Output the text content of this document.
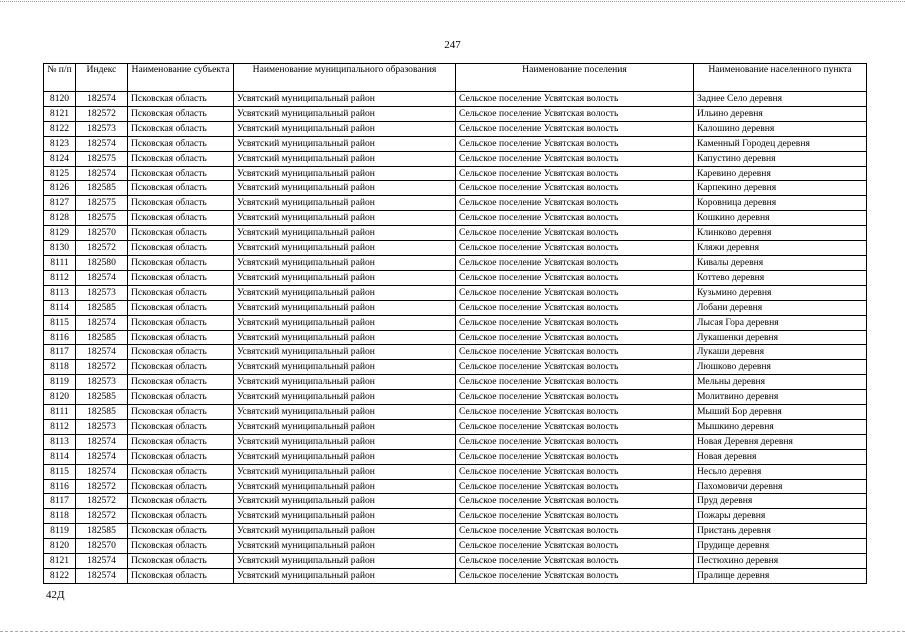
247
№ п/п	Индекс	Наименование субъекта	Наименование муниципального образования	Наименование поселения	Наименование населенного пункта
8120	182574	Псковская область	Усвятский муниципальный район	Сельское поселение Усвятская волость	Заднее Село деревня
8121	182572	Псковская область	Усвятский муниципальный район	Сельское поселение Усвятская волость	Ильино деревня
8122	182573	Псковская область	Усвятский муниципальный район	Сельское поселение Усвятская волость	Калошино деревня
8123	182574	Псковская область	Усвятский муниципальный район	Сельское поселение Усвятская волость	Каменный Городец деревня
8124	182575	Псковская область	Усвятский муниципальный район	Сельское поселение Усвятская волость	Капустино деревня
8125	182574	Псковская область	Усвятский муниципальный район	Сельское поселение Усвятская волость	Каревино деревня
8126	182585	Псковская область	Усвятский муниципальный район	Сельское поселение Усвятская волость	Карпекино деревня
8127	182575	Псковская область	Усвятский муниципальный район	Сельское поселение Усвятская волость	Коровница деревня
8128	182575	Псковская область	Усвятский муниципальный район	Сельское поселение Усвятская волость	Кошкино деревня
8129	182570	Псковская область	Усвятский муниципальный район	Сельское поселение Усвятская волость	Клинково деревня
8130	182572	Псковская область	Усвятский муниципальный район	Сельское поселение Усвятская волость	Кляжи деревня
8111	182580	Псковская область	Усвятский муниципальный район	Сельское поселение Усвятская волость	Кивалы деревня
8112	182574	Псковская область	Усвятский муниципальный район	Сельское поселение Усвятская волость	Коттево деревня
8113	182573	Псковская область	Усвятский муниципальный район	Сельское поселение Усвятская волость	Кузьмино деревня
8114	182585	Псковская область	Усвятский муниципальный район	Сельское поселение Усвятская волость	Лобани деревня
8115	182574	Псковская область	Усвятский муниципальный район	Сельское поселение Усвятская волость	Лысая Гора деревня
8116	182585	Псковская область	Усвятский муниципальный район	Сельское поселение Усвятская волость	Лукашенки деревня
8117	182574	Псковская область	Усвятский муниципальный район	Сельское поселение Усвятская волость	Лукаши деревня
8118	182572	Псковская область	Усвятский муниципальный район	Сельское поселение Усвятская волость	Люшково деревня
8119	182573	Псковская область	Усвятский муниципальный район	Сельское поселение Усвятская волость	Мельны деревня
8120	182585	Псковская область	Усвятский муниципальный район	Сельское поселение Усвятская волость	Молитвино деревня
8111	182585	Псковская область	Усвятский муниципальный район	Сельское поселение Усвятская волость	Мыший Бор деревня
8112	182573	Псковская область	Усвятский муниципальный район	Сельское поселение Усвятская волость	Мышкино деревня
8113	182574	Псковская область	Усвятский муниципальный район	Сельское поселение Усвятская волость	Новая Деревня деревня
8114	182574	Псковская область	Усвятский муниципальный район	Сельское поселение Усвятская волость	Новая деревня
8115	182574	Псковская область	Усвятский муниципальный район	Сельское поселение Усвятская волость	Несьло деревня
8116	182572	Псковская область	Усвятский муниципальный район	Сельское поселение Усвятская волость	Пахомовичи деревня
8117	182572	Псковская область	Усвятский муниципальный район	Сельское поселение Усвятская волость	Пруд деревня
8118	182572	Псковская область	Усвятский муниципальный район	Сельское поселение Усвятская волость	Пожары деревня
8119	182585	Псковская область	Усвятский муниципальный район	Сельское поселение Усвятская волость	Пристань деревня
8120	182570	Псковская область	Усвятский муниципальный район	Сельское поселение Усвятская волость	Прудище деревня
8121	182574	Псковская область	Усвятский муниципальный район	Сельское поселение Усвятская волость	Пестюхино деревня
8122	182574	Псковская область	Усвятский муниципальный район	Сельское поселение Усвятская волость	Пралище деревня
42Д
